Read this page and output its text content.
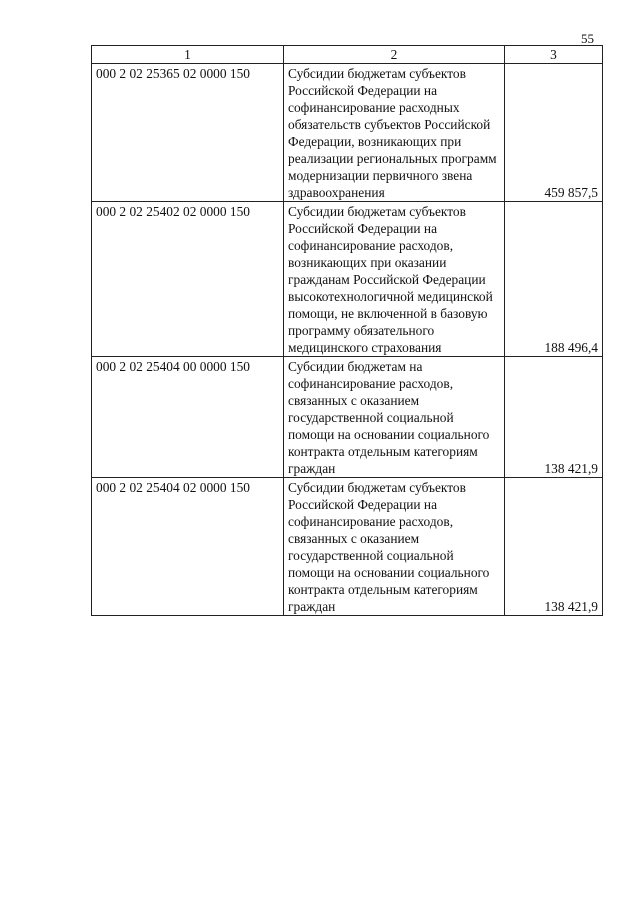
55
1	2	3
000 2 02 25365 02 0000 150	Субсидии бюджетам субъектов Российской Федерации на софинансирование расходных обязательств субъектов Российской Федерации, возникающих при реализации региональных программ модернизации первичного звена здравоохранения	459 857,5
000 2 02 25402 02 0000 150	Субсидии бюджетам субъектов Российской Федерации на софинансирование расходов, возникающих при оказании гражданам Российской Федерации высокотехнологичной медицинской помощи, не включенной в базовую программу обязательного медицинского страхования	188 496,4
000 2 02 25404 00 0000 150	Субсидии бюджетам на софинансирование расходов, связанных с оказанием государственной социальной помощи на основании социального контракта отдельным категориям граждан	138 421,9
000 2 02 25404 02 0000 150	Субсидии бюджетам субъектов Российской Федерации на софинансирование расходов, связанных с оказанием государственной социальной помощи на основании социального контракта отдельным категориям граждан	138 421,9
